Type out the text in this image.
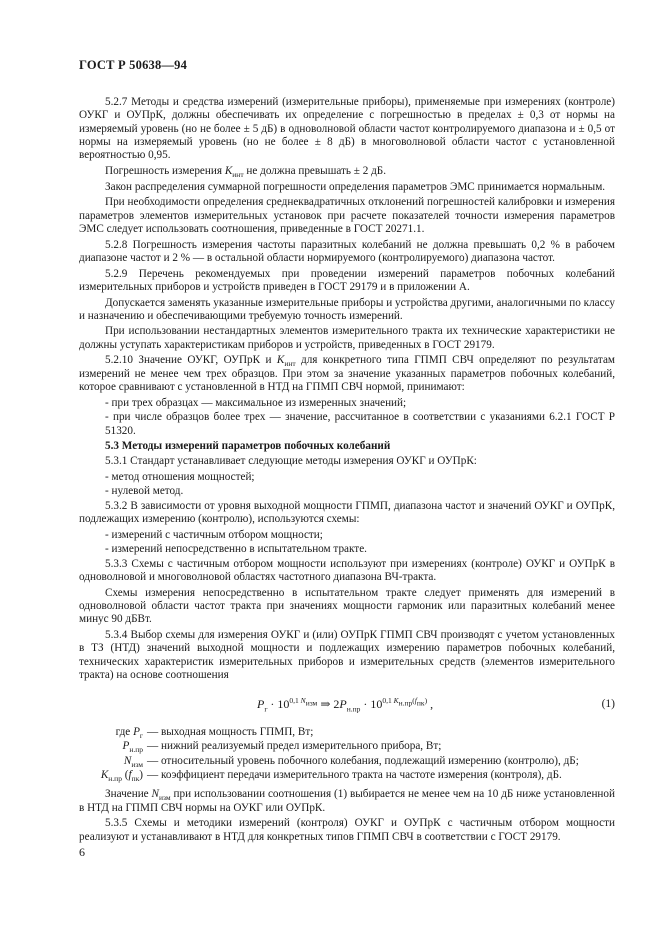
ГОСТ Р 50638—94

5.2.7 Методы и средства измерений (измерительные приборы), применяемые при измерениях (контроле) ОУКГ и ОУПрК, должны обеспечивать их определение с погрешностью в пределах ± 0,3 от нормы на измеряемый уровень (но не более ± 5 дБ) в одноволновой области частот контролируемого диапазона и ± 0,5 от нормы на измеряемый уровень (но не более ± 8 дБ) в многоволновой области частот с установленной вероятностью 0,95.

Погрешность измерения $K_{инт}$ не должна превышать ± 2 дБ.

Закон распределения суммарной погрешности определения параметров ЭМС принимается нормальным.

При необходимости определения среднеквадратичных отклонений погрешностей калибровки и измерения параметров элементов измерительных установок при расчете показателей точности измерения параметров ЭМС следует использовать соотношения, приведенные в ГОСТ 20271.1.

5.2.8 Погрешность измерения частоты паразитных колебаний не должна превышать 0,2 % в рабочем диапазоне частот и 2 % — в остальной области нормируемого (контролируемого) диапазона частот.

5.2.9 Перечень рекомендуемых при проведении измерений параметров побочных колебаний измерительных приборов и устройств приведен в ГОСТ 29179 и в приложении А.

Допускается заменять указанные измерительные приборы и устройства другими, аналогичными по классу и назначению и обеспечивающими требуемую точность измерений.

При использовании нестандартных элементов измерительного тракта их технические характеристики не должны уступать характеристикам приборов и устройств, приведенных в ГОСТ 29179.

5.2.10 Значение ОУКГ, ОУПрК и $K_{инт}$ для конкретного типа ГПМП СВЧ определяют по результатам измерений не менее чем трех образцов. При этом за значение указанных параметров побочных колебаний, которое сравнивают с установленной в НТД на ГПМП СВЧ нормой, принимают:

- при трех образцах — максимальное из измеренных значений;
- при числе образцов более трех — значение, рассчитанное в соответствии с указаниями 6.2.1 ГОСТ Р 51320.
5.3 Методы измерений параметров побочных колебаний

5.3.1 Стандарт устанавливает следующие методы измерения ОУКГ и ОУПрК:

- метод отношения мощностей;
- нулевой метод.

5.3.2 В зависимости от уровня выходной мощности ГПМП, диапазона частот и значений ОУКГ и ОУПрК, подлежащих измерению (контролю), используются схемы:

- измерений с частичным отбором мощности;
- измерений непосредственно в испытательном тракте.

5.3.3 Схемы с частичным отбором мощности используют при измерениях (контроле) ОУКГ и ОУПрК в одноволновой и многоволновой областях частотного диапазона ВЧ-тракта.

Схемы измерения непосредственно в испытательном тракте следует применять для измерений в одноволновой области частот тракта при значениях мощности гармоник или паразитных колебаний менее минус 90 дБВт.

5.3.4 Выбор схемы для измерения ОУКГ и (или) ОУПрК ГПМП СВЧ производят с учетом установленных в ТЗ (НТД) значений выходной мощности и подлежащих измерению параметров побочных колебаний, технических характеристик измерительных приборов и измерительных средств (элементов измерительного тракта) на основе соотношения

$P_г \cdot 10^{0,1 N_{изм}}$ ⇒ $2P_{н.пр} \cdot 10^{0,1 K_{н.пр}(f_{пк})}$ ,	(1)
где $P_г$ — выходная мощность ГПМП, Вт;
$P_{н.пр}$ — нижний реализуемый предел измерительного прибора, Вт;
$N_{изм}$ — относительный уровень побочного колебания, подлежащий измерению (контролю), дБ;
$K_{н.пр}$ $(f_{пк})$ — коэффициент передачи измерительного тракта на частоте измерения (контроля), дБ.

Значение $N_{изм}$ при использовании соотношения (1) выбирается не менее чем на 10 дБ ниже установленной в НТД на ГПМП СВЧ нормы на ОУКГ или ОУПрК.

5.3.5 Схемы и методики измерений (контроля) ОУКГ и ОУПрК с частичным отбором мощности реализуют и устанавливают в НТД для конкретных типов ГПМП СВЧ в соответствии с ГОСТ 29179.

6
